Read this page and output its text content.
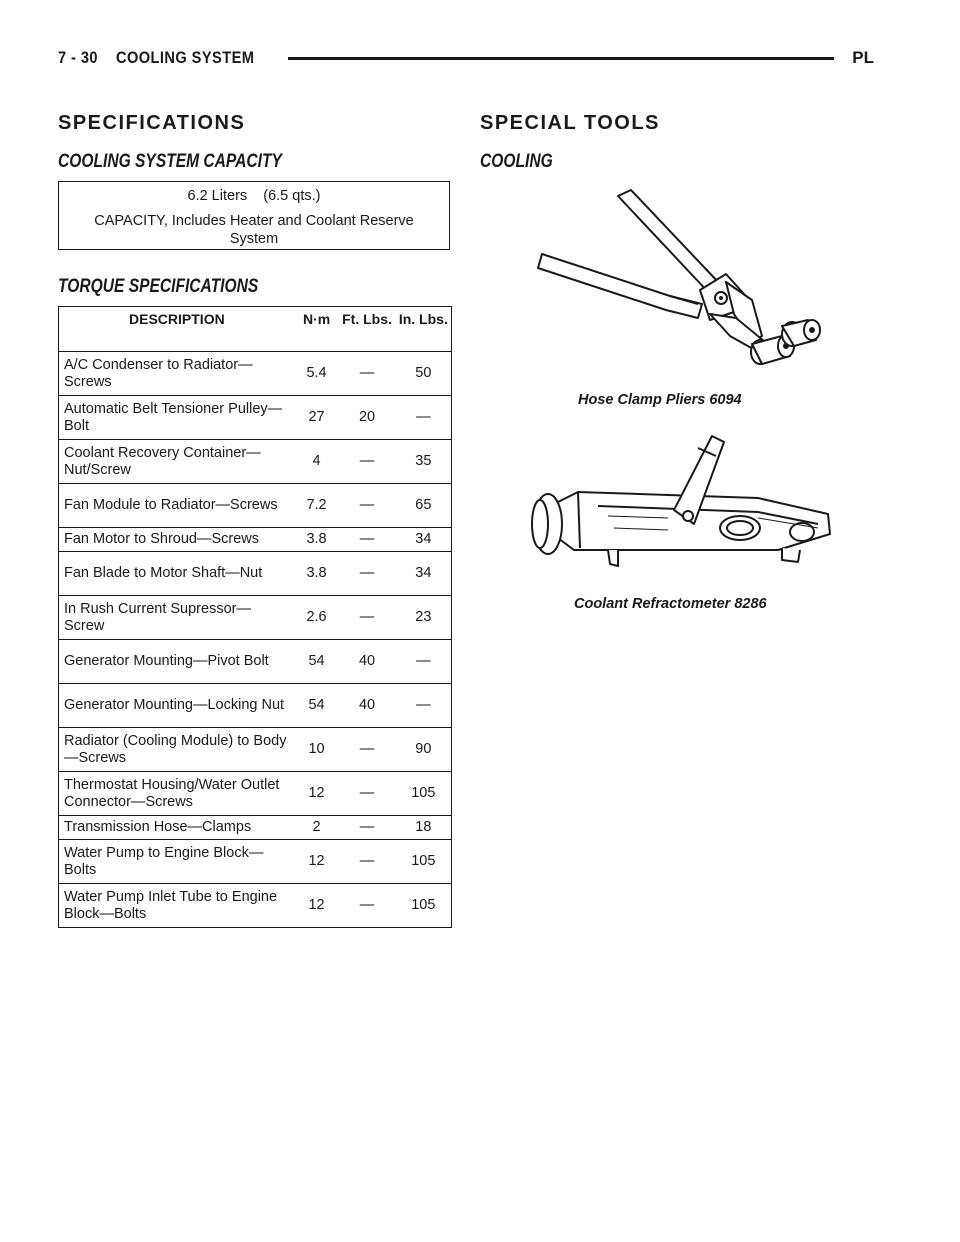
7 - 30 COOLING SYSTEM	PL
SPECIFICATIONS
COOLING SYSTEM CAPACITY
6.2 Liters    (6.5 qts.)
CAPACITY, Includes Heater and Coolant Reserve System
TORQUE SPECIFICATIONS
DESCRIPTION	N·m	Ft. Lbs.	In. Lbs.
A/C Condenser to Radiator—Screws	5.4	—	50
Automatic Belt Tensioner Pulley—Bolt	27	20	—
Coolant Recovery Container—Nut/Screw	4	—	35
Fan Module to Radiator—Screws	7.2	—	65
Fan Motor to Shroud—Screws	3.8	—	34
Fan Blade to Motor Shaft—Nut	3.8	—	34
In Rush Current Supressor—Screw	2.6	—	23
Generator Mounting—Pivot Bolt	54	40	—
Generator Mounting—Locking Nut	54	40	—
Radiator (Cooling Module) to Body—Screws	10	—	90
Thermostat Housing/Water Outlet Connector—Screws	12	—	105
Transmission Hose—Clamps	2	—	18
Water Pump to Engine Block—Bolts	12	—	105
Water Pump Inlet Tube to Engine Block—Bolts	12	—	105
SPECIAL TOOLS
COOLING
Hose Clamp Pliers 6094
Coolant Refractometer 8286
